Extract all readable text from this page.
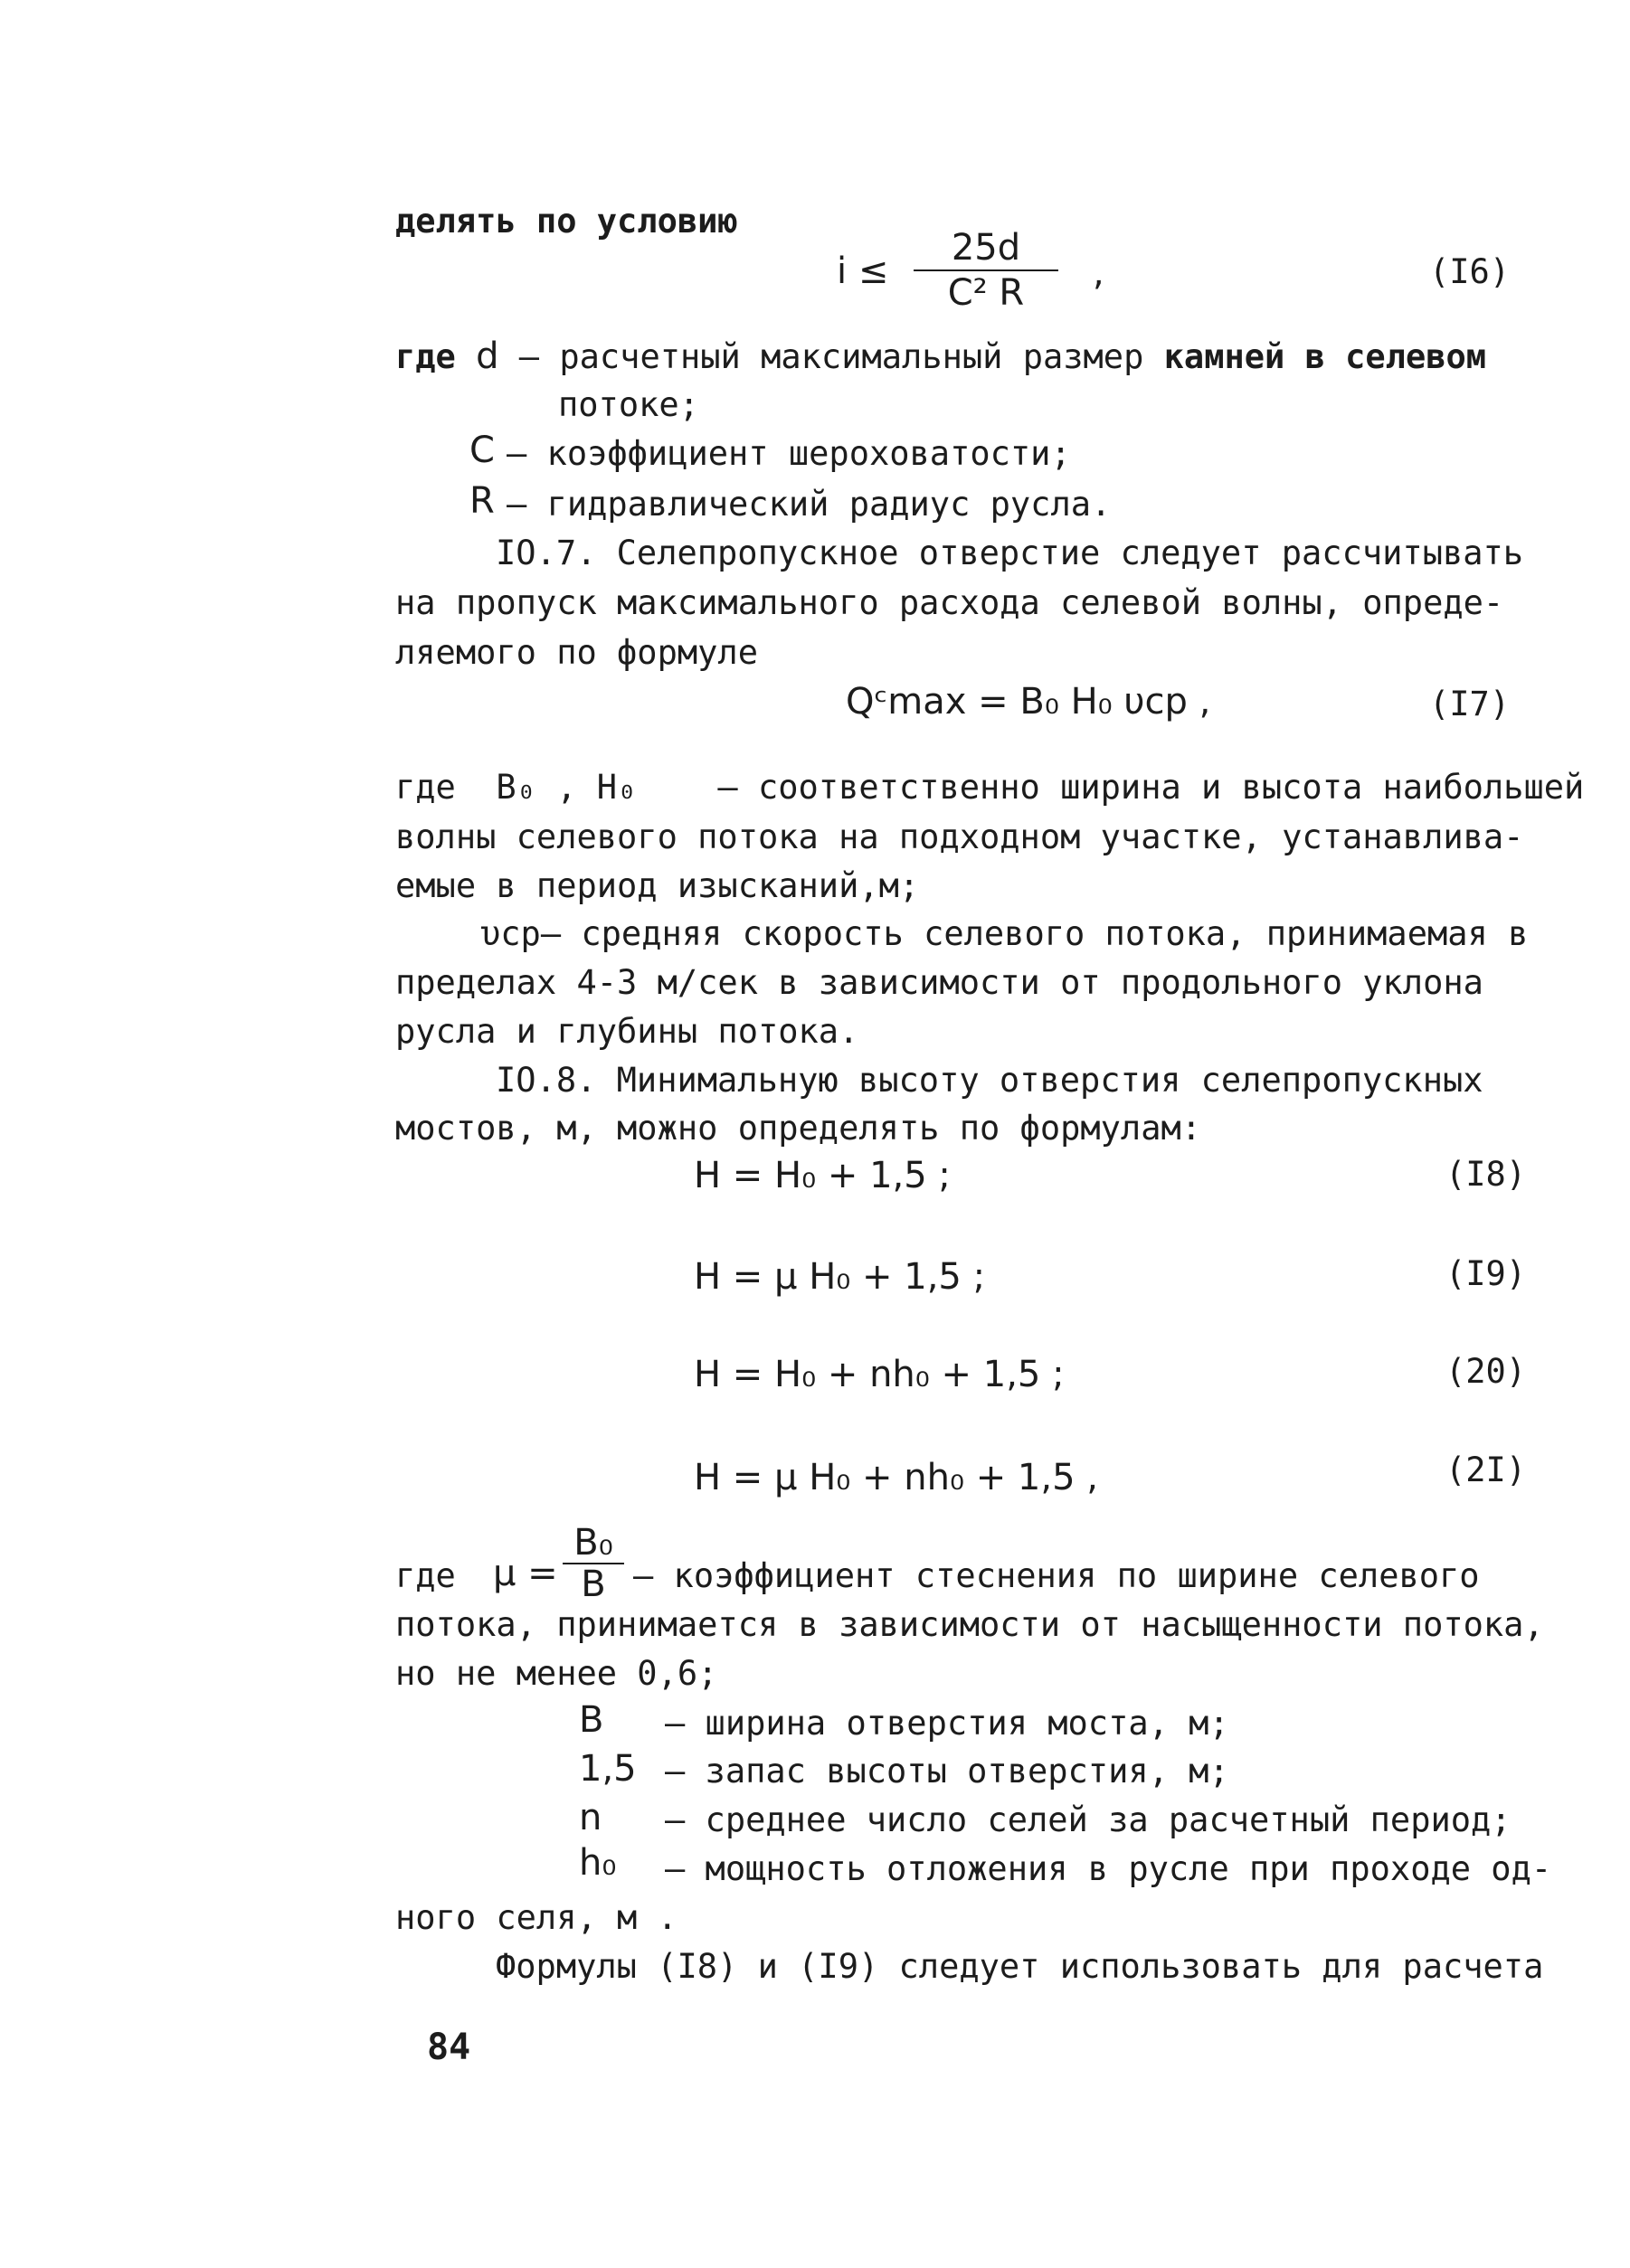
делять по условию
$i \le \frac{25d}{\text{C² R}}$ ,	(I6)
где d – расчетный максимальный размер камней в селевом
потоке;
C – коэффициент шероховатости;
R – гидравлический радиус русла.
IO.7. Селепропускное отверстие следует рассчитывать
на пропуск максимального расхода селевой волны, опреде-
ляемого по формуле
Qᶜmax = B₀ H₀ υср ,	(I7)
где  B₀ , H₀    – соответственно ширина и высота наибольшей
волны селевого потока на подходном участке, устанавлива-
емые в период изысканий,м;
υср– средняя скорость селевого потока, принимаемая в
пределах 4-3 м/сек в зависимости от продольного уклона
русла и глубины потока.
IO.8. Минимальную высоту отверстия селепропускных
мостов, м, можно определять по формулам:
H = H₀ + 1,5 ;	(I8)
H = μ H₀ + 1,5 ;	(I9)
H = H₀ + nh₀ + 1,5 ;	(20)
H = μ H₀ + nh₀ + 1,5 ,	(2I)
где $\mu = \frac{\text{B₀}}{B}$ – коэффициент стеснения по ширине селевого
потока, принимается в зависимости от насыщенности потока,
но не менее 0,6;
B – ширина отверстия моста, м;
1,5 – запас высоты отверстия, м;
n – среднее число селей за расчетный период;
h₀ – мощность отложения в русле при проходе од-
ного селя, м .
Формулы (I8) и (I9) следует использовать для расчета
84
